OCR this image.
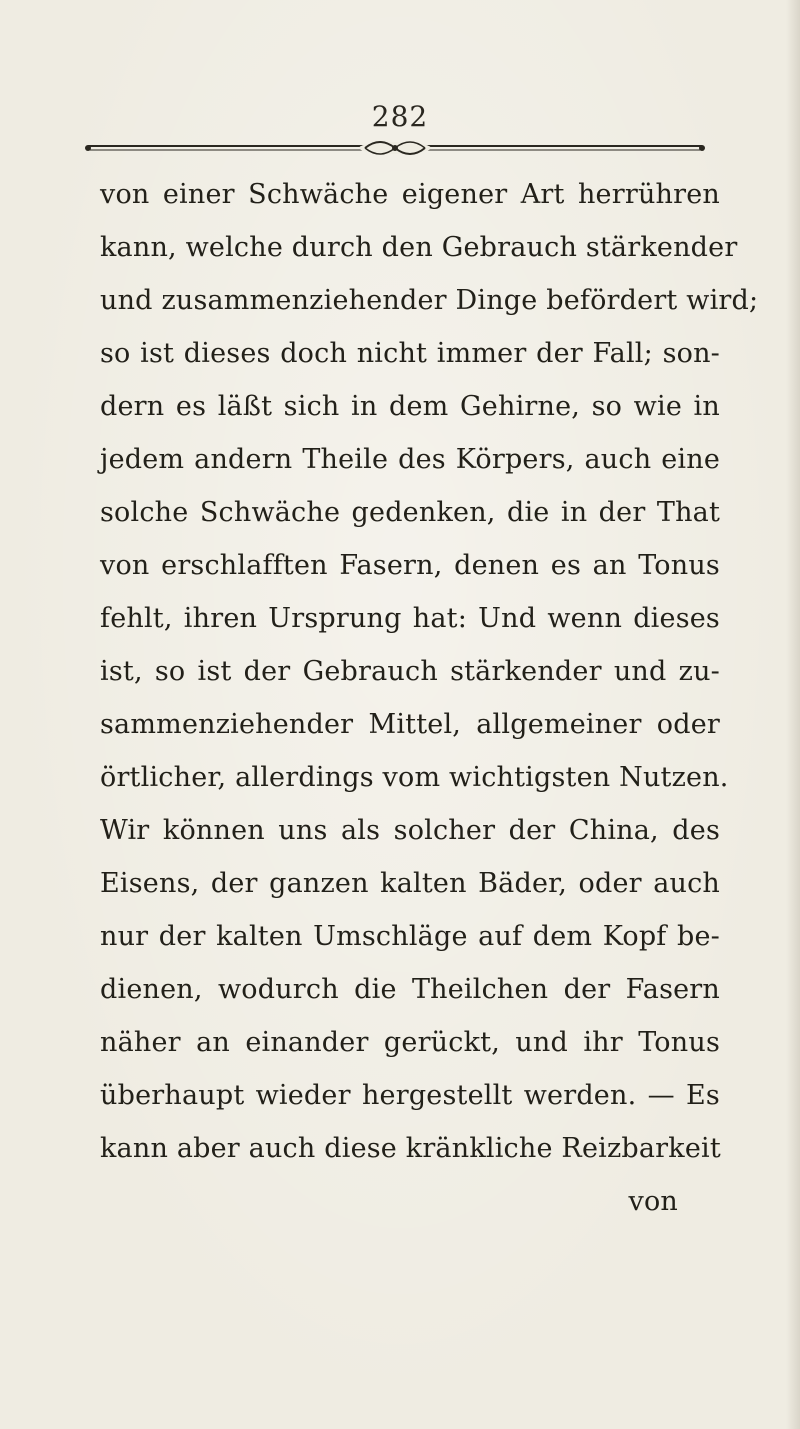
282
von einer Schwäche eigener Art herrühren
kann, welche durch den Gebrauch stärkender
und zusammenziehender Dinge befördert wird;
so ist dieses doch nicht immer der Fall; son-
dern es läßt sich in dem Gehirne, so wie in
jedem andern Theile des Körpers, auch eine
solche Schwäche gedenken, die in der That
von erschlafften Fasern, denen es an Tonus
fehlt, ihren Ursprung hat: Und wenn dieses
ist, so ist der Gebrauch stärkender und zu-
sammenziehender Mittel, allgemeiner oder
örtlicher, allerdings vom wichtigsten Nutzen.
Wir können uns als solcher der China, des
Eisens, der ganzen kalten Bäder, oder auch
nur der kalten Umschläge auf dem Kopf be-
dienen, wodurch die Theilchen der Fasern
näher an einander gerückt, und ihr Tonus
überhaupt wieder hergestellt werden. — Es
kann aber auch diese kränkliche Reizbarkeit
von
